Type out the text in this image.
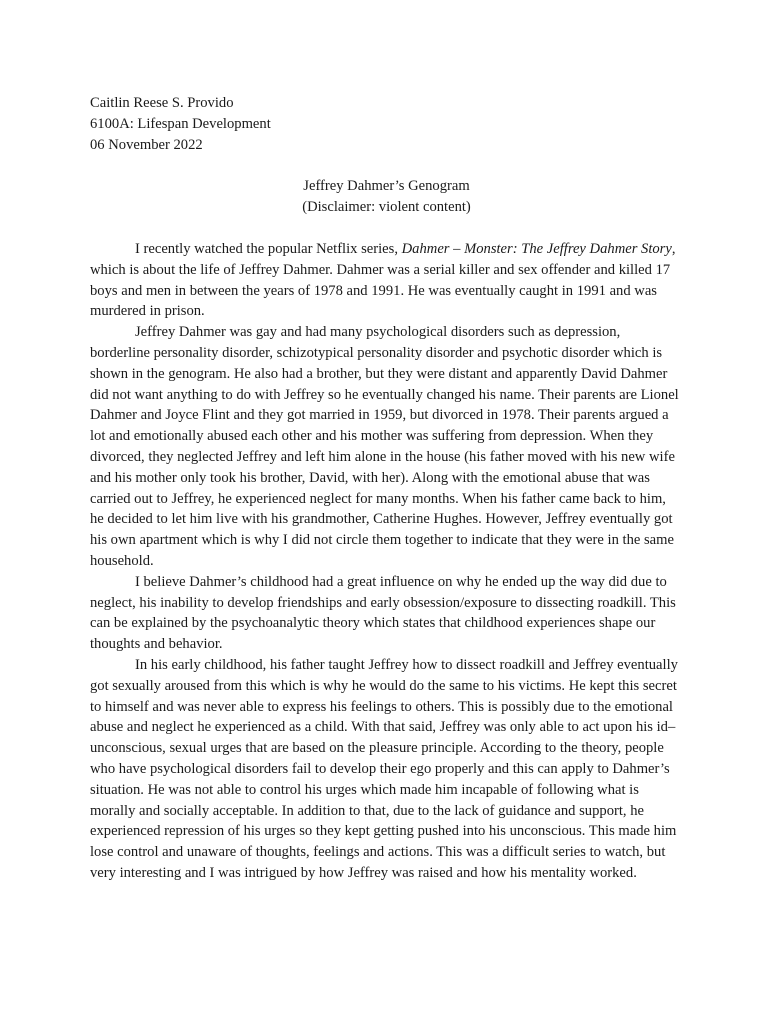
Caitlin Reese S. Provido
6100A: Lifespan Development
06 November 2022
Jeffrey Dahmer’s Genogram
(Disclaimer: violent content)

I recently watched the popular Netflix series, Dahmer – Monster: The Jeffrey Dahmer Story, which is about the life of Jeffrey Dahmer. Dahmer was a serial killer and sex offender and killed 17 boys and men in between the years of 1978 and 1991. He was eventually caught in 1991 and was murdered in prison.

Jeffrey Dahmer was gay and had many psychological disorders such as depression, borderline personality disorder, schizotypical personality disorder and psychotic disorder which is shown in the genogram. He also had a brother, but they were distant and apparently David Dahmer did not want anything to do with Jeffrey so he eventually changed his name. Their parents are Lionel Dahmer and Joyce Flint and they got married in 1959, but divorced in 1978. Their parents argued a lot and emotionally abused each other and his mother was suffering from depression. When they divorced, they neglected Jeffrey and left him alone in the house (his father moved with his new wife and his mother only took his brother, David, with her). Along with the emotional abuse that was carried out to Jeffrey, he experienced neglect for many months. When his father came back to him, he decided to let him live with his grandmother, Catherine Hughes. However, Jeffrey eventually got his own apartment which is why I did not circle them together to indicate that they were in the same household.

I believe Dahmer’s childhood had a great influence on why he ended up the way did due to neglect, his inability to develop friendships and early obsession/exposure to dissecting roadkill. This can be explained by the psychoanalytic theory which states that childhood experiences shape our thoughts and behavior.

In his early childhood, his father taught Jeffrey how to dissect roadkill and Jeffrey eventually got sexually aroused from this which is why he would do the same to his victims. He kept this secret to himself and was never able to express his feelings to others. This is possibly due to the emotional abuse and neglect he experienced as a child. With that said, Jeffrey was only able to act upon his id–unconscious, sexual urges that are based on the pleasure principle. According to the theory, people who have psychological disorders fail to develop their ego properly and this can apply to Dahmer’s situation. He was not able to control his urges which made him incapable of following what is morally and socially acceptable. In addition to that, due to the lack of guidance and support, he experienced repression of his urges so they kept getting pushed into his unconscious. This made him lose control and unaware of thoughts, feelings and actions. This was a difficult series to watch, but very interesting and I was intrigued by how Jeffrey was raised and how his mentality worked.
